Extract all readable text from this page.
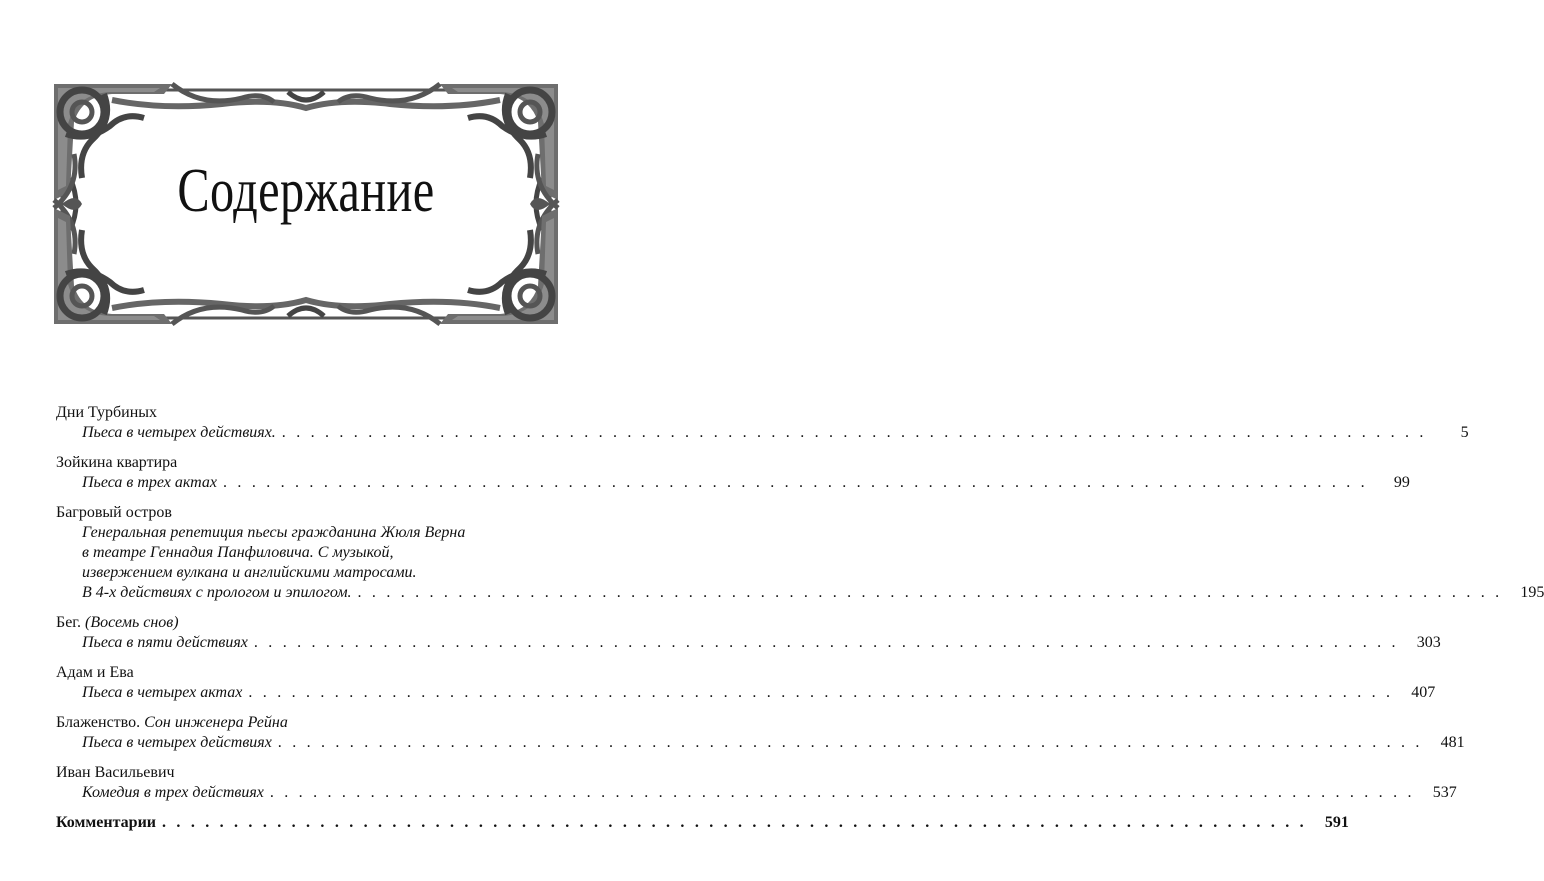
Содержание
Дни Турбиных
Пьеса в четырех действиях. . . . . . . . . . . . . . . . . . . . . . . . . . . . . . . . . . . . . . . . . . . . . . . . . . . . . . . . . . . . . . . . . . . . . . . . . . . . . . . . .	5
Зойкина квартира
Пьеса в трех актах . . . . . . . . . . . . . . . . . . . . . . . . . . . . . . . . . . . . . . . . . . . . . . . . . . . . . . . . . . . . . . . . . . . . . . . . . . . . . . . .	99
Багровый остров
Генеральная репетиция пьесы гражданина Жюля Верна
в театре Геннадия Панфиловича. С музыкой,
извержением вулкана и английскими матросами.
В 4-х действиях с прологом и эпилогом. . . . . . . . . . . . . . . . . . . . . . . . . . . . . . . . . . . . . . . . . . . . . . . . . . . . . . . . . . . . . . . . . . . . . . . . . . . . . . . . . 195
Бег. (Восемь снов)
Пьеса в пяти действиях . . . . . . . . . . . . . . . . . . . . . . . . . . . . . . . . . . . . . . . . . . . . . . . . . . . . . . . . . . . . . . . . . . . . . . . . . . . . . . . . 303
Адам и Ева
Пьеса в четырех актах . . . . . . . . . . . . . . . . . . . . . . . . . . . . . . . . . . . . . . . . . . . . . . . . . . . . . . . . . . . . . . . . . . . . . . . . . . . . . . . . 407
Блаженство. Сон инженера Рейна
Пьеса в четырех действиях . . . . . . . . . . . . . . . . . . . . . . . . . . . . . . . . . . . . . . . . . . . . . . . . . . . . . . . . . . . . . . . . . . . . . . . . . . . . . . . . 481
Иван Васильевич
Комедия в трех действиях . . . . . . . . . . . . . . . . . . . . . . . . . . . . . . . . . . . . . . . . . . . . . . . . . . . . . . . . . . . . . . . . . . . . . . . . . . . . . . . . 537
Комментарии . . . . . . . . . . . . . . . . . . . . . . . . . . . . . . . . . . . . . . . . . . . . . . . . . . . . . . . . . . . . . . . . . . . . . . . . . . . . . . . . 591
